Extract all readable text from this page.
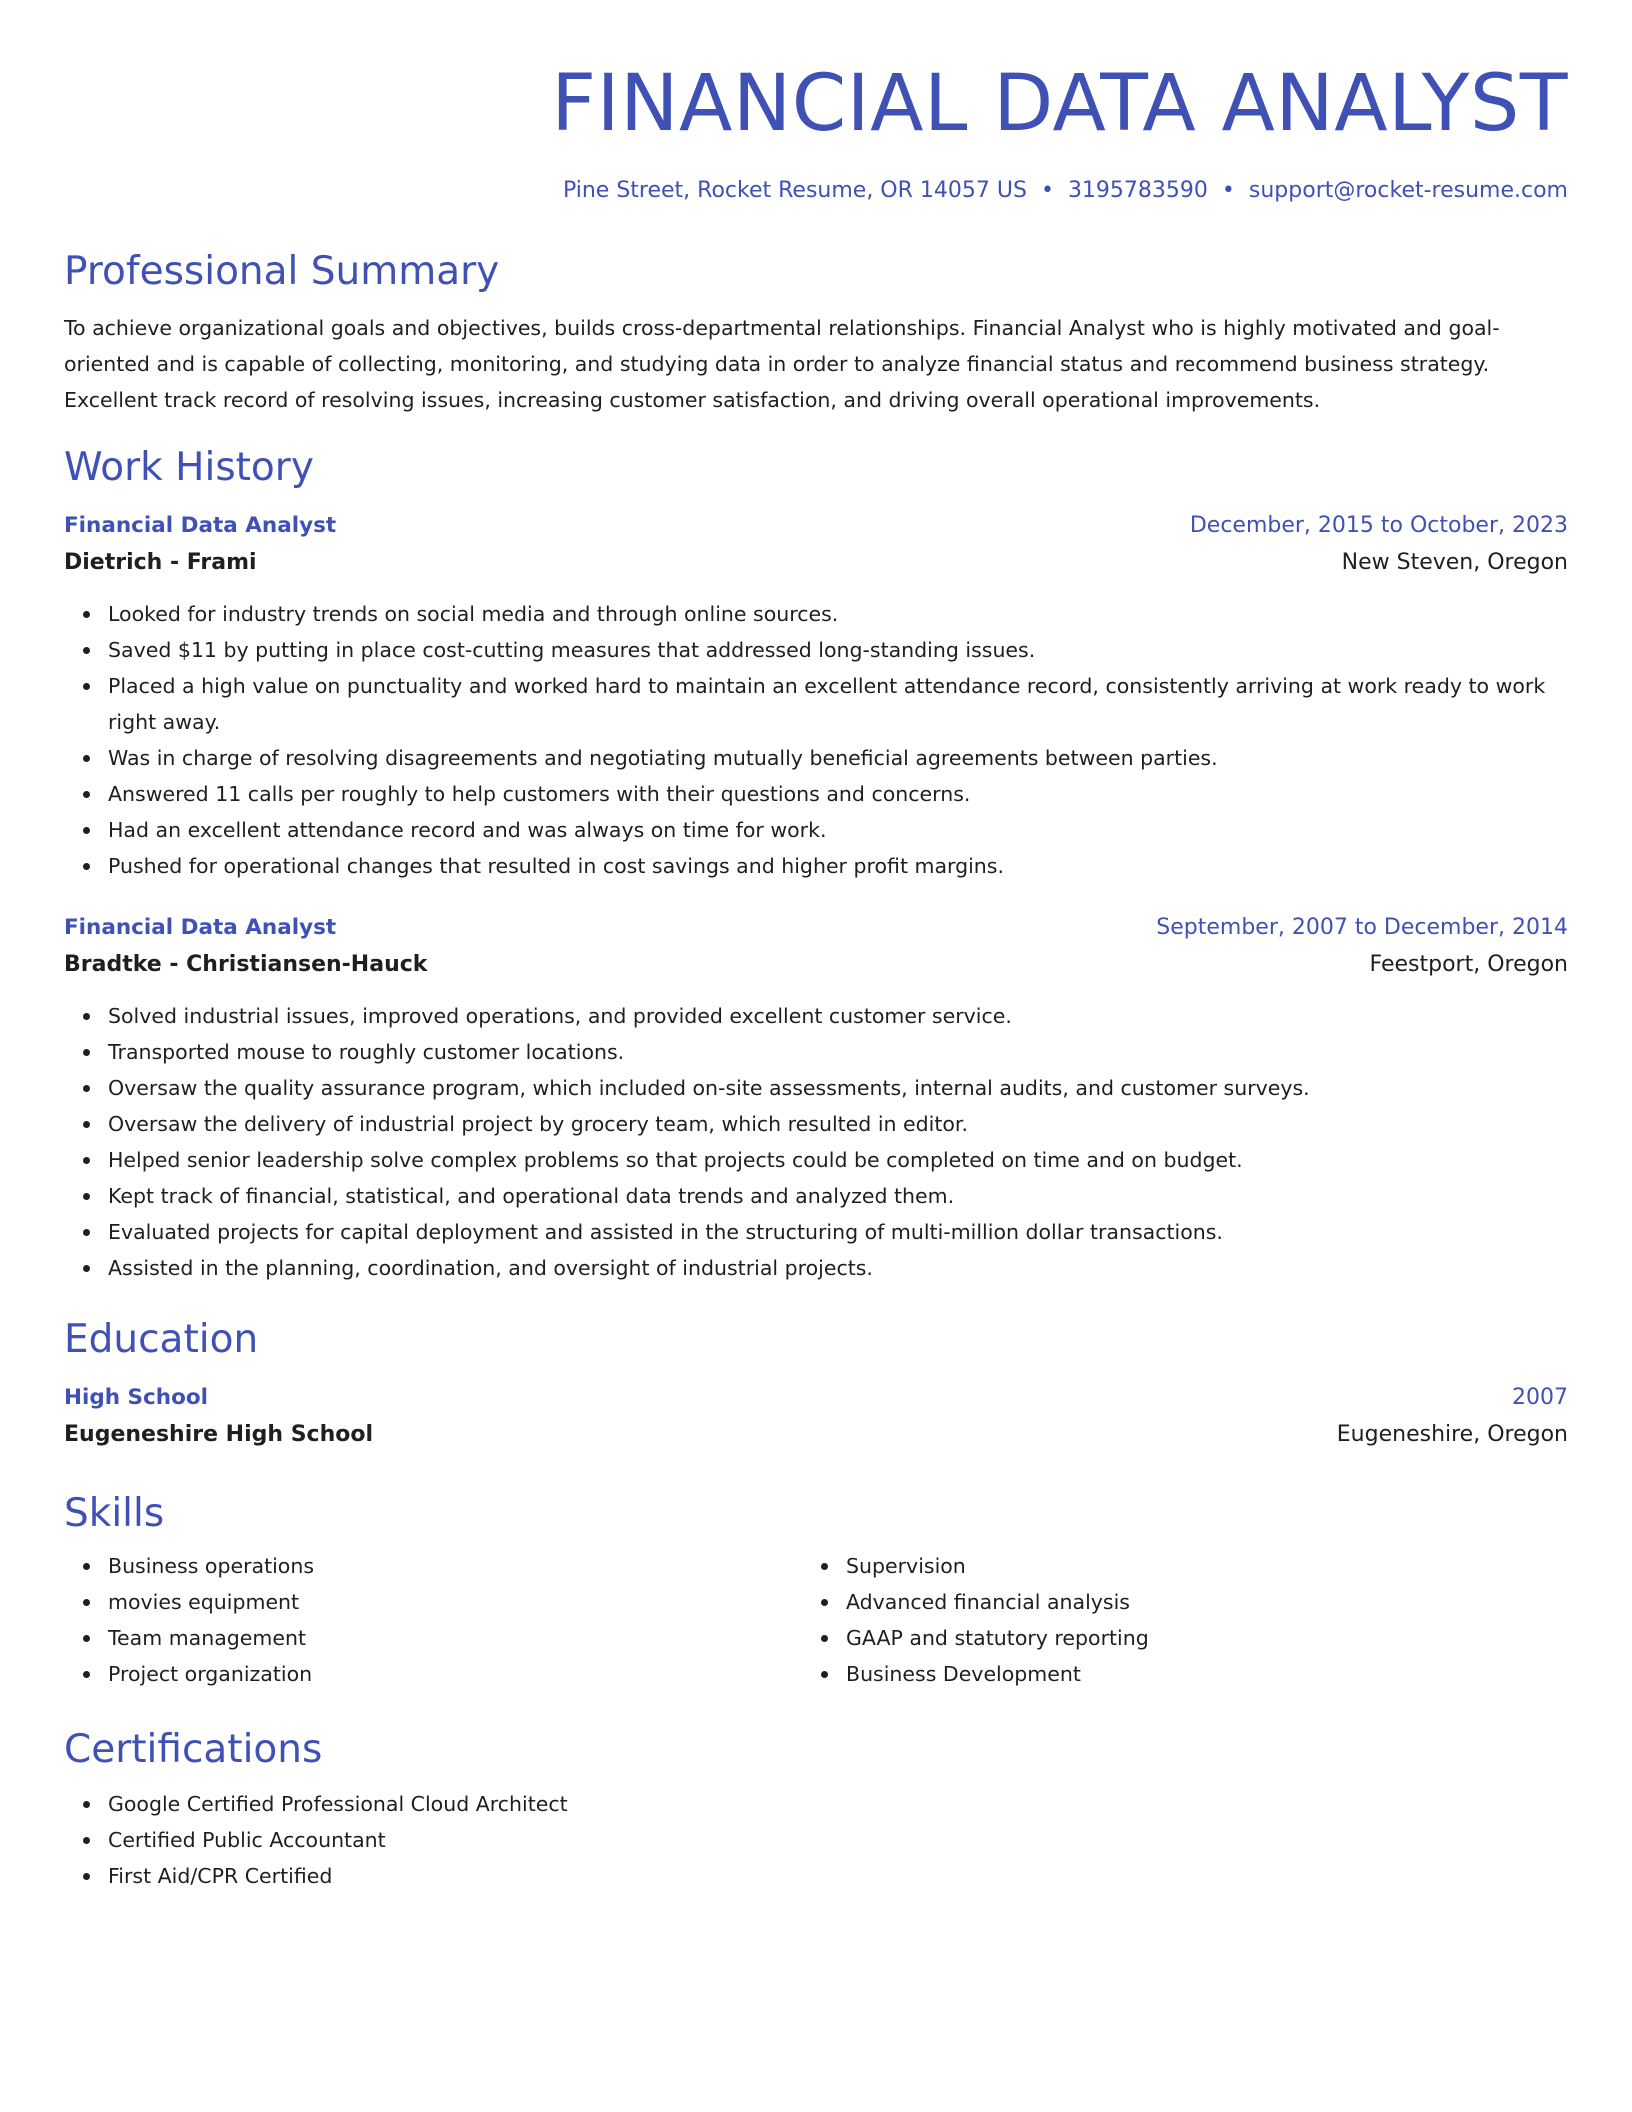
FINANCIAL DATA ANALYST
Pine Street, Rocket Resume, OR 14057 US • 3195783590 • support@rocket-resume.com
Professional Summary
To achieve organizational goals and objectives, builds cross-departmental relationships. Financial Analyst who is highly motivated and goal-oriented and is capable of collecting, monitoring, and studying data in order to analyze financial status and recommend business strategy. Excellent track record of resolving issues, increasing customer satisfaction, and driving overall operational improvements.
Work History
Financial Data Analyst	December, 2015 to October, 2023
Dietrich - Frami	New Steven, Oregon
Looked for industry trends on social media and through online sources.
Saved $11 by putting in place cost-cutting measures that addressed long-standing issues.
Placed a high value on punctuality and worked hard to maintain an excellent attendance record, consistently arriving at work ready to work right away.
Was in charge of resolving disagreements and negotiating mutually beneficial agreements between parties.
Answered 11 calls per roughly to help customers with their questions and concerns.
Had an excellent attendance record and was always on time for work.
Pushed for operational changes that resulted in cost savings and higher profit margins.
Financial Data Analyst	September, 2007 to December, 2014
Bradtke - Christiansen-Hauck	Feestport, Oregon
Solved industrial issues, improved operations, and provided excellent customer service.
Transported mouse to roughly customer locations.
Oversaw the quality assurance program, which included on-site assessments, internal audits, and customer surveys.
Oversaw the delivery of industrial project by grocery team, which resulted in editor.
Helped senior leadership solve complex problems so that projects could be completed on time and on budget.
Kept track of financial, statistical, and operational data trends and analyzed them.
Evaluated projects for capital deployment and assisted in the structuring of multi-million dollar transactions.
Assisted in the planning, coordination, and oversight of industrial projects.
Education
High School	2007
Eugeneshire High School	Eugeneshire, Oregon
Skills
Business operations
movies equipment
Team management
Project organization
Supervision
Advanced financial analysis
GAAP and statutory reporting
Business Development
Certifications
Google Certified Professional Cloud Architect
Certified Public Accountant
First Aid/CPR Certified
